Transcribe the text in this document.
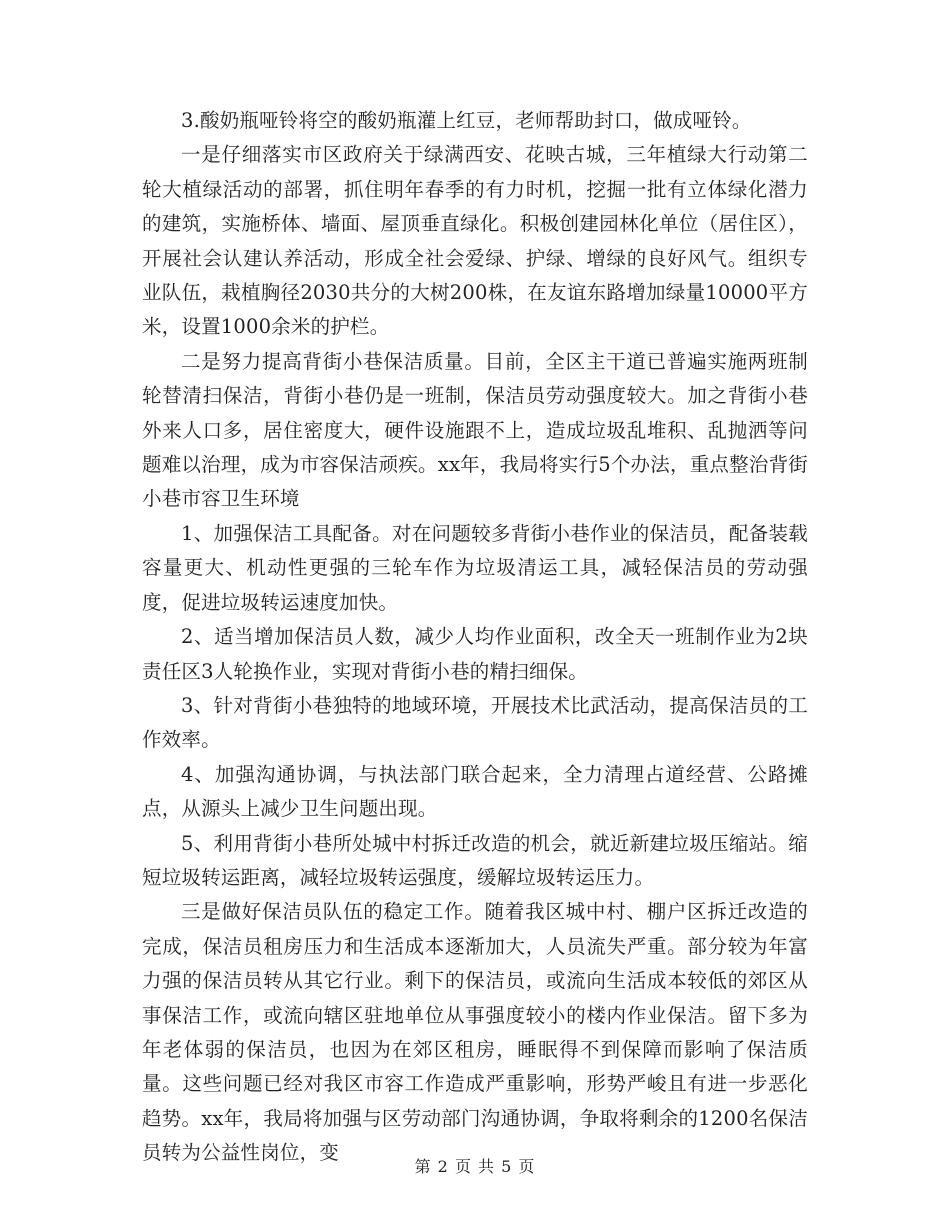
3.酸奶瓶哑铃将空的酸奶瓶灌上红豆，老师帮助封口，做成哑铃。

一是仔细落实市区政府关于绿满西安、花映古城，三年植绿大行动第二轮大植绿活动的部署，抓住明年春季的有力时机，挖掘一批有立体绿化潜力的建筑，实施桥体、墙面、屋顶垂直绿化。积极创建园林化单位（居住区），开展社会认建认养活动，形成全社会爱绿、护绿、增绿的良好风气。组织专业队伍，栽植胸径2030共分的大树200株，在友谊东路增加绿量10000平方米，设置1000余米的护栏。

二是努力提高背街小巷保洁质量。目前，全区主干道已普遍实施两班制轮替清扫保洁，背街小巷仍是一班制，保洁员劳动强度较大。加之背街小巷外来人口多，居住密度大，硬件设施跟不上，造成垃圾乱堆积、乱抛洒等问题难以治理，成为市容保洁顽疾。xx年，我局将实行5个办法，重点整治背街小巷市容卫生环境

1、加强保洁工具配备。对在问题较多背街小巷作业的保洁员，配备装载容量更大、机动性更强的三轮车作为垃圾清运工具，减轻保洁员的劳动强度，促进垃圾转运速度加快。

2、适当增加保洁员人数，减少人均作业面积，改全天一班制作业为2块责任区3人轮换作业，实现对背街小巷的精扫细保。

3、针对背街小巷独特的地域环境，开展技术比武活动，提高保洁员的工作效率。

4、加强沟通协调，与执法部门联合起来，全力清理占道经营、公路摊点，从源头上减少卫生问题出现。

5、利用背街小巷所处城中村拆迁改造的机会，就近新建垃圾压缩站。缩短垃圾转运距离，减轻垃圾转运强度，缓解垃圾转运压力。

三是做好保洁员队伍的稳定工作。随着我区城中村、棚户区拆迁改造的完成，保洁员租房压力和生活成本逐渐加大，人员流失严重。部分较为年富力强的保洁员转从其它行业。剩下的保洁员，或流向生活成本较低的郊区从事保洁工作，或流向辖区驻地单位从事强度较小的楼内作业保洁。留下多为年老体弱的保洁员，也因为在郊区租房，睡眠得不到保障而影响了保洁质量。这些问题已经对我区市容工作造成严重影响，形势严峻且有进一步恶化趋势。xx年，我局将加强与区劳动部门沟通协调，争取将剩余的1200名保洁员转为公益性岗位，变

第 2 页 共 5 页
